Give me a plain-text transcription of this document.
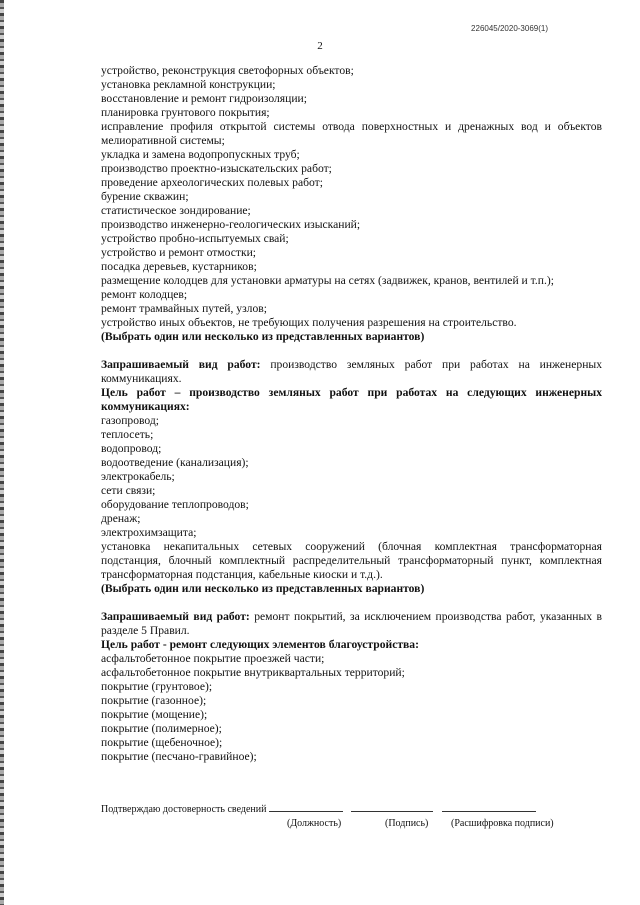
226045/2020-3069(1)
2

устройство, реконструкция светофорных объектов;

установка рекламной конструкции;

восстановление и ремонт гидроизоляции;

планировка грунтового покрытия;

исправление профиля открытой системы отвода поверхностных и дренажных вод и объектов мелиоративной системы;

укладка и замена водопропускных труб;

производство проектно-изыскательских работ;

проведение археологических полевых работ;

бурение скважин;

статистическое зондирование;

производство инженерно-геологических изысканий;

устройство пробно-испытуемых свай;

устройство и ремонт отмостки;

посадка деревьев, кустарников;

размещение колодцев для установки арматуры на сетях (задвижек, кранов, вентилей и т.п.);

ремонт колодцев;

ремонт трамвайных путей, узлов;

устройство иных объектов, не требующих получения разрешения на строительство.

(Выбрать один или несколько из представленных вариантов)

Запрашиваемый вид работ: производство земляных работ при работах на инженерных коммуникациях.

Цель работ – производство земляных работ при работах на следующих инженерных коммуникациях:

газопровод;

теплосеть;

водопровод;

водоотведение (канализация);

электрокабель;

сети связи;

оборудование теплопроводов;

дренаж;

электрохимзащита;

установка некапитальных сетевых сооружений (блочная комплектная трансформаторная подстанция, блочный комплектный распределительный трансформаторный пункт, комплектная трансформаторная подстанция, кабельные киоски и т.д.).

(Выбрать один или несколько из представленных вариантов)

Запрашиваемый вид работ: ремонт покрытий, за исключением производства работ, указанных в разделе 5 Правил.

Цель работ - ремонт следующих элементов благоустройства:

асфальтобетонное покрытие проезжей части;

асфальтобетонное покрытие внутриквартальных территорий;

покрытие (грунтовое);

покрытие (газонное);

покрытие (мощение);

покрытие (полимерное);

покрытие (щебеночное);

покрытие (песчано-гравийное);

Подтверждаю достоверность сведений
(Должность)	(Подпись) (Расшифровка подписи)
